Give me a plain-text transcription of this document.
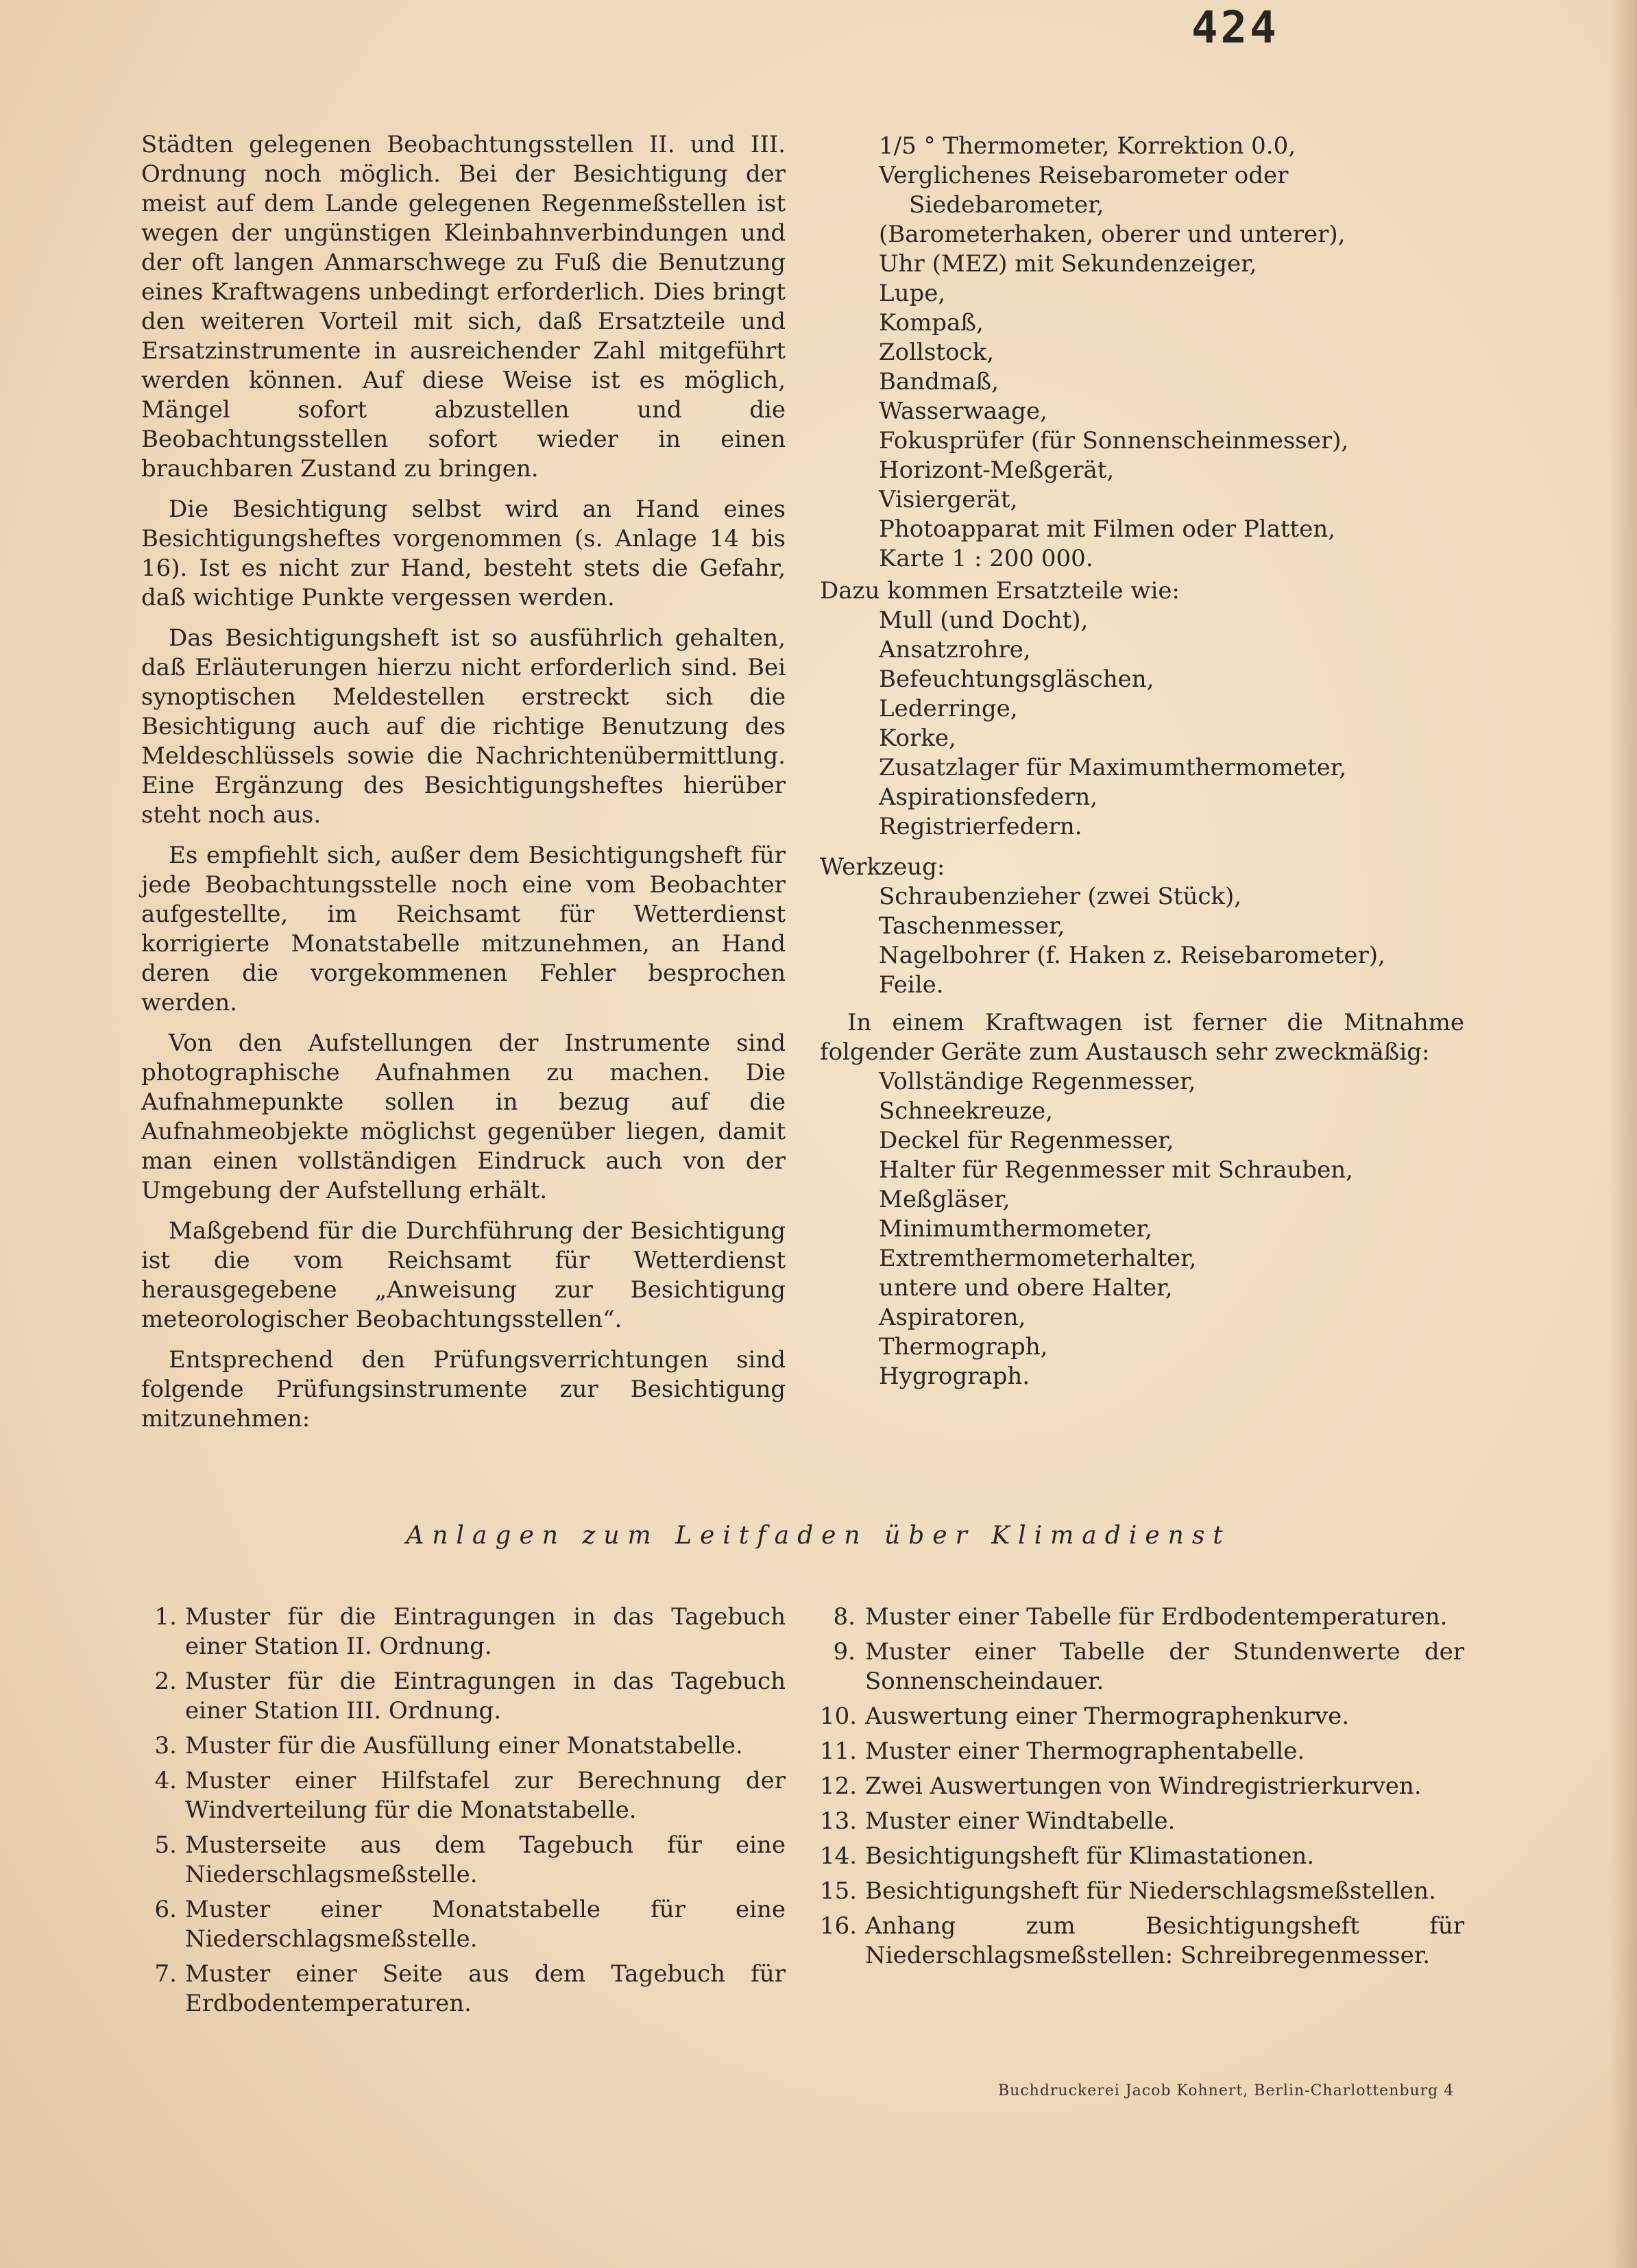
424

Städten gelegenen Beobachtungsstellen II. und III. Ordnung noch möglich. Bei der Besichtigung der meist auf dem Lande gelegenen Regenmeßstellen ist wegen der ungünstigen Kleinbahnverbindungen und der oft langen Anmarschwege zu Fuß die Benutzung eines Kraftwagens unbedingt erforderlich. Dies bringt den weiteren Vorteil mit sich, daß Ersatzteile und Ersatzinstrumente in ausreichender Zahl mitgeführt werden können. Auf diese Weise ist es möglich, Mängel sofort abzustellen und die Beobachtungsstellen sofort wieder in einen brauchbaren Zustand zu bringen.

Die Besichtigung selbst wird an Hand eines Besichtigungsheftes vorgenommen (s. Anlage 14 bis 16). Ist es nicht zur Hand, besteht stets die Gefahr, daß wichtige Punkte vergessen werden.

Das Besichtigungsheft ist so ausführlich gehalten, daß Erläuterungen hierzu nicht erforderlich sind. Bei synoptischen Meldestellen erstreckt sich die Besichtigung auch auf die richtige Benutzung des Meldeschlüssels sowie die Nachrichtenübermittlung. Eine Ergänzung des Besichtigungsheftes hierüber steht noch aus.

Es empfiehlt sich, außer dem Besichtigungsheft für jede Beobachtungsstelle noch eine vom Beobachter aufgestellte, im Reichsamt für Wetterdienst korrigierte Monatstabelle mitzunehmen, an Hand deren die vorgekommenen Fehler besprochen werden.

Von den Aufstellungen der Instrumente sind photographische Aufnahmen zu machen. Die Aufnahmepunkte sollen in bezug auf die Aufnahmeobjekte möglichst gegenüber liegen, damit man einen vollständigen Eindruck auch von der Umgebung der Aufstellung erhält.

Maßgebend für die Durchführung der Besichtigung ist die vom Reichsamt für Wetterdienst herausgegebene „Anweisung zur Besichtigung meteorologischer Beobachtungsstellen“.

Entsprechend den Prüfungsverrichtungen sind folgende Prüfungsinstrumente zur Besichtigung mitzunehmen:

1/5 ° Thermometer, Korrektion 0.0,
Verglichenes Reisebarometer oder
Siedebarometer,
(Barometerhaken, oberer und unterer),
Uhr (MEZ) mit Sekundenzeiger,
Lupe,
Kompaß,
Zollstock,
Bandmaß,
Wasserwaage,
Fokusprüfer (für Sonnenscheinmesser),
Horizont-Meßgerät,
Visiergerät,
Photoapparat mit Filmen oder Platten,
Karte 1 : 200 000.
Dazu kommen Ersatzteile wie:
Mull (und Docht),
Ansatzrohre,
Befeuchtungsgläschen,
Lederringe,
Korke,
Zusatzlager für Maximumthermometer,
Aspirationsfedern,
Registrierfedern.
Werkzeug:
Schraubenzieher (zwei Stück),
Taschenmesser,
Nagelbohrer (f. Haken z. Reisebarometer),
Feile.
In einem Kraftwagen ist ferner die Mitnahme folgender Geräte zum Austausch sehr zweckmäßig:
Vollständige Regenmesser,
Schneekreuze,
Deckel für Regenmesser,
Halter für Regenmesser mit Schrauben,
Meßgläser,
Minimumthermometer,
Extremthermometerhalter,
untere und obere Halter,
Aspiratoren,
Thermograph,
Hygrograph.
Anlagen zum Leitfaden über Klimadienst
1. Muster für die Eintragungen in das Tagebuch einer Station II. Ordnung.
2. Muster für die Eintragungen in das Tagebuch einer Station III. Ordnung.
3. Muster für die Ausfüllung einer Monatstabelle.
4. Muster einer Hilfstafel zur Berechnung der Windverteilung für die Monatstabelle.
5. Musterseite aus dem Tagebuch für eine Niederschlagsmeßstelle.
6. Muster einer Monatstabelle für eine Niederschlagsmeßstelle.
7. Muster einer Seite aus dem Tagebuch für Erdbodentemperaturen.
8. Muster einer Tabelle für Erdbodentemperaturen.
9. Muster einer Tabelle der Stundenwerte der Sonnenscheindauer.
10. Auswertung einer Thermographenkurve.
11. Muster einer Thermographentabelle.
12. Zwei Auswertungen von Windregistrierkurven.
13. Muster einer Windtabelle.
14. Besichtigungsheft für Klimastationen.
15. Besichtigungsheft für Niederschlagsmeßstellen.
16. Anhang zum Besichtigungsheft für Niederschlagsmeßstellen: Schreibregenmesser.
Buchdruckerei Jacob Kohnert, Berlin-Charlottenburg 4
